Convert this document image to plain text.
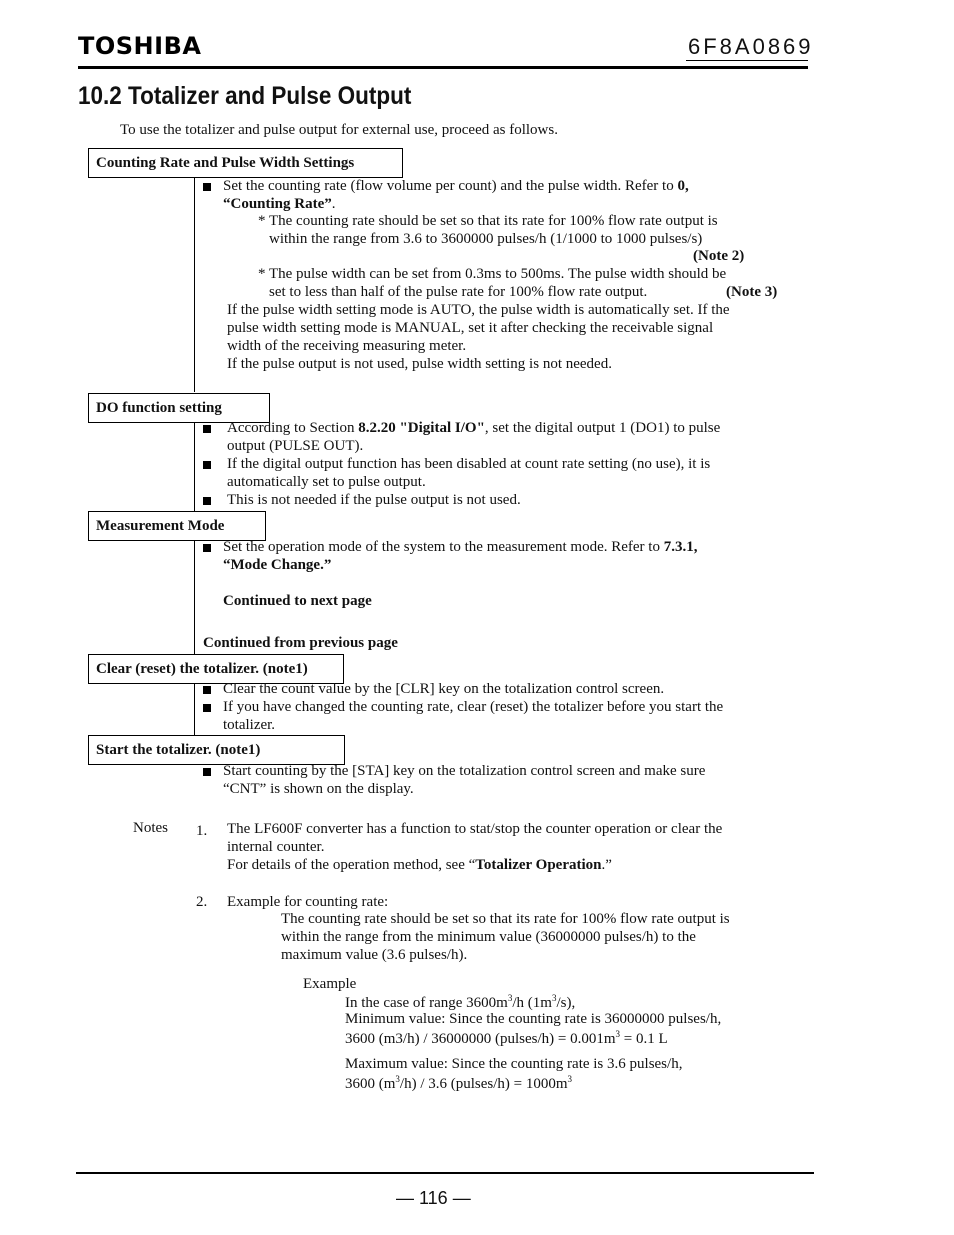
TOSHIBA	6F8A0869
10.2 Totalizer and Pulse Output
To use the totalizer and pulse output for external use, proceed as follows.
Counting Rate and Pulse Width Settings
Set the counting rate (flow volume per count) and the pulse width. Refer to 0,
“Counting Rate”.
* The counting rate should be set so that its rate for 100% flow rate output is
within the range from 3.6 to 3600000 pulses/h (1/1000 to 1000 pulses/s)
(Note 2)
* The pulse width can be set from 0.3ms to 500ms. The pulse width should be
set to less than half of the pulse rate for 100% flow rate output.	(Note 3)
If the pulse width setting mode is AUTO, the pulse width is automatically set. If the
pulse width setting mode is MANUAL, set it after checking the receivable signal
width of the receiving measuring meter.
If the pulse output is not used, pulse width setting is not needed.
DO function setting
According to Section 8.2.20 "Digital I/O", set the digital output 1 (DO1) to pulse
output (PULSE OUT).
If the digital output function has been disabled at count rate setting (no use), it is
automatically set to pulse output.
This is not needed if the pulse output is not used.
Measurement Mode
Set the operation mode of the system to the measurement mode. Refer to 7.3.1,
“Mode Change.”
Continued to next page
Continued from previous page
Clear (reset) the totalizer. (note1)
Clear the count value by the [CLR] key on the totalization control screen.
If you have changed the counting rate, clear (reset) the totalizer before you start the
totalizer.
Start the totalizer. (note1)
Start counting by the [STA] key on the totalization control screen and make sure
“CNT” is shown on the display.
Notes 1. The LF600F converter has a function to stat/stop the counter operation or clear the
internal counter.
For details of the operation method, see “Totalizer Operation.”
2. Example for counting rate:
The counting rate should be set so that its rate for 100% flow rate output is
within the range from the minimum value (36000000 pulses/h) to the
maximum value (3.6 pulses/h).
Example
In the case of range $3600m^3/h$ $(1m^3/s)$,
Minimum value: Since the counting rate is 36000000 pulses/h,
3600 (m3/h) / 36000000 (pulses/h) = $0.001m^3 = 0.1$ L
Maximum value: Since the counting rate is 3.6 pulses/h,
3600 $(m^3/h) / 3.6$ (pulses/h) = $1000m^3$
— 116 —
